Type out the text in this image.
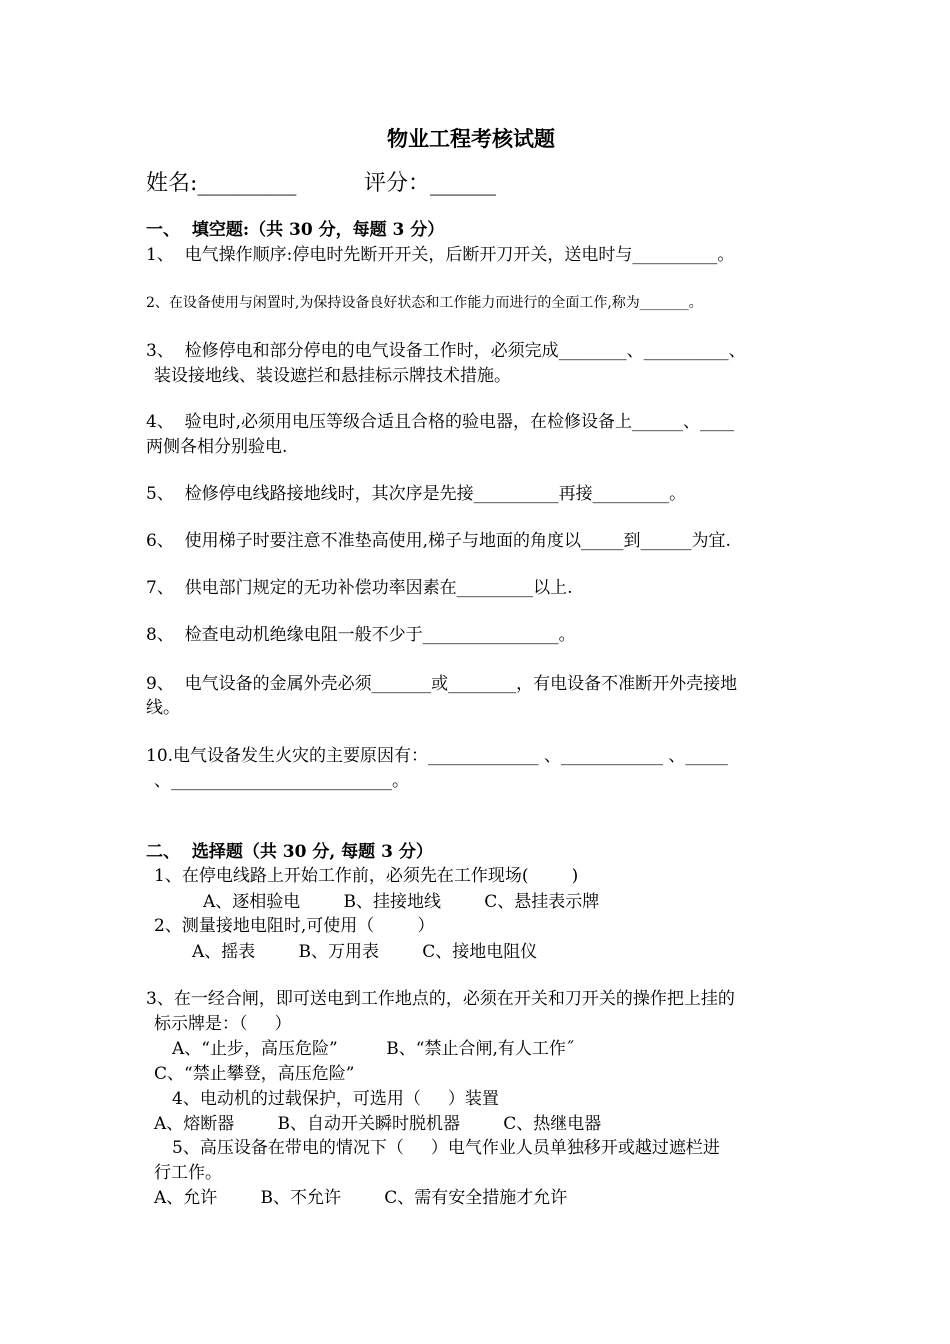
物业工程考核试题
姓名:_________	评分：______
一、  填空题:（共 30 分，每题 3 分）
1、  电气操作顺序:停电时先断开开关，后断开刀开关，送电时与__________。
2、在设备使用与闲置时,为保持设备良好状态和工作能力而进行的全面工作,称为_______。
3、  检修停电和部分停电的电气设备工作时，必须完成________、__________、
装设接地线、装设遮拦和悬挂标示牌技术措施。
4、  验电时,必须用电压等级合适且合格的验电器，在检修设备上______、____
两侧各相分别验电.
5、  检修停电线路接地线时，其次序是先接__________再接_________。
6、  使用梯子时要注意不准垫高使用,梯子与地面的角度以_____到______为宜.
7、  供电部门规定的无功补偿功率因素在_________以上.
8、  检查电动机绝缘电阻一般不少于________________。
9、  电气设备的金属外壳必须_______或________，有电设备不准断开外壳接地
线。
10.电气设备发生火灾的主要原因有：_____________ 、____________ 、_____
、__________________________。
二、  选择题（共 30 分, 每题 3 分）
1、在停电线路上开始工作前，必须先在工作现场(        )
A、逐相验电        B、挂接地线        C、悬挂表示牌
2、测量接地电阻时,可使用（        ）
A、摇表        B、万用表        C、接地电阻仪
3、在一经合闸，即可送电到工作地点的，必须在开关和刀开关的操作把上挂的
标示牌是：（     ）
A、“止步，高压危险”         B、“禁止合闸,有人工作˝
C、“禁止攀登，高压危险”
4、电动机的过载保护，可选用（     ）装置
A、熔断器        B、自动开关瞬时脱机器        C、热继电器
5、高压设备在带电的情况下（     ）电气作业人员单独移开或越过遮栏进
行工作。
A、允许        B、不允许        C、需有安全措施才允许
